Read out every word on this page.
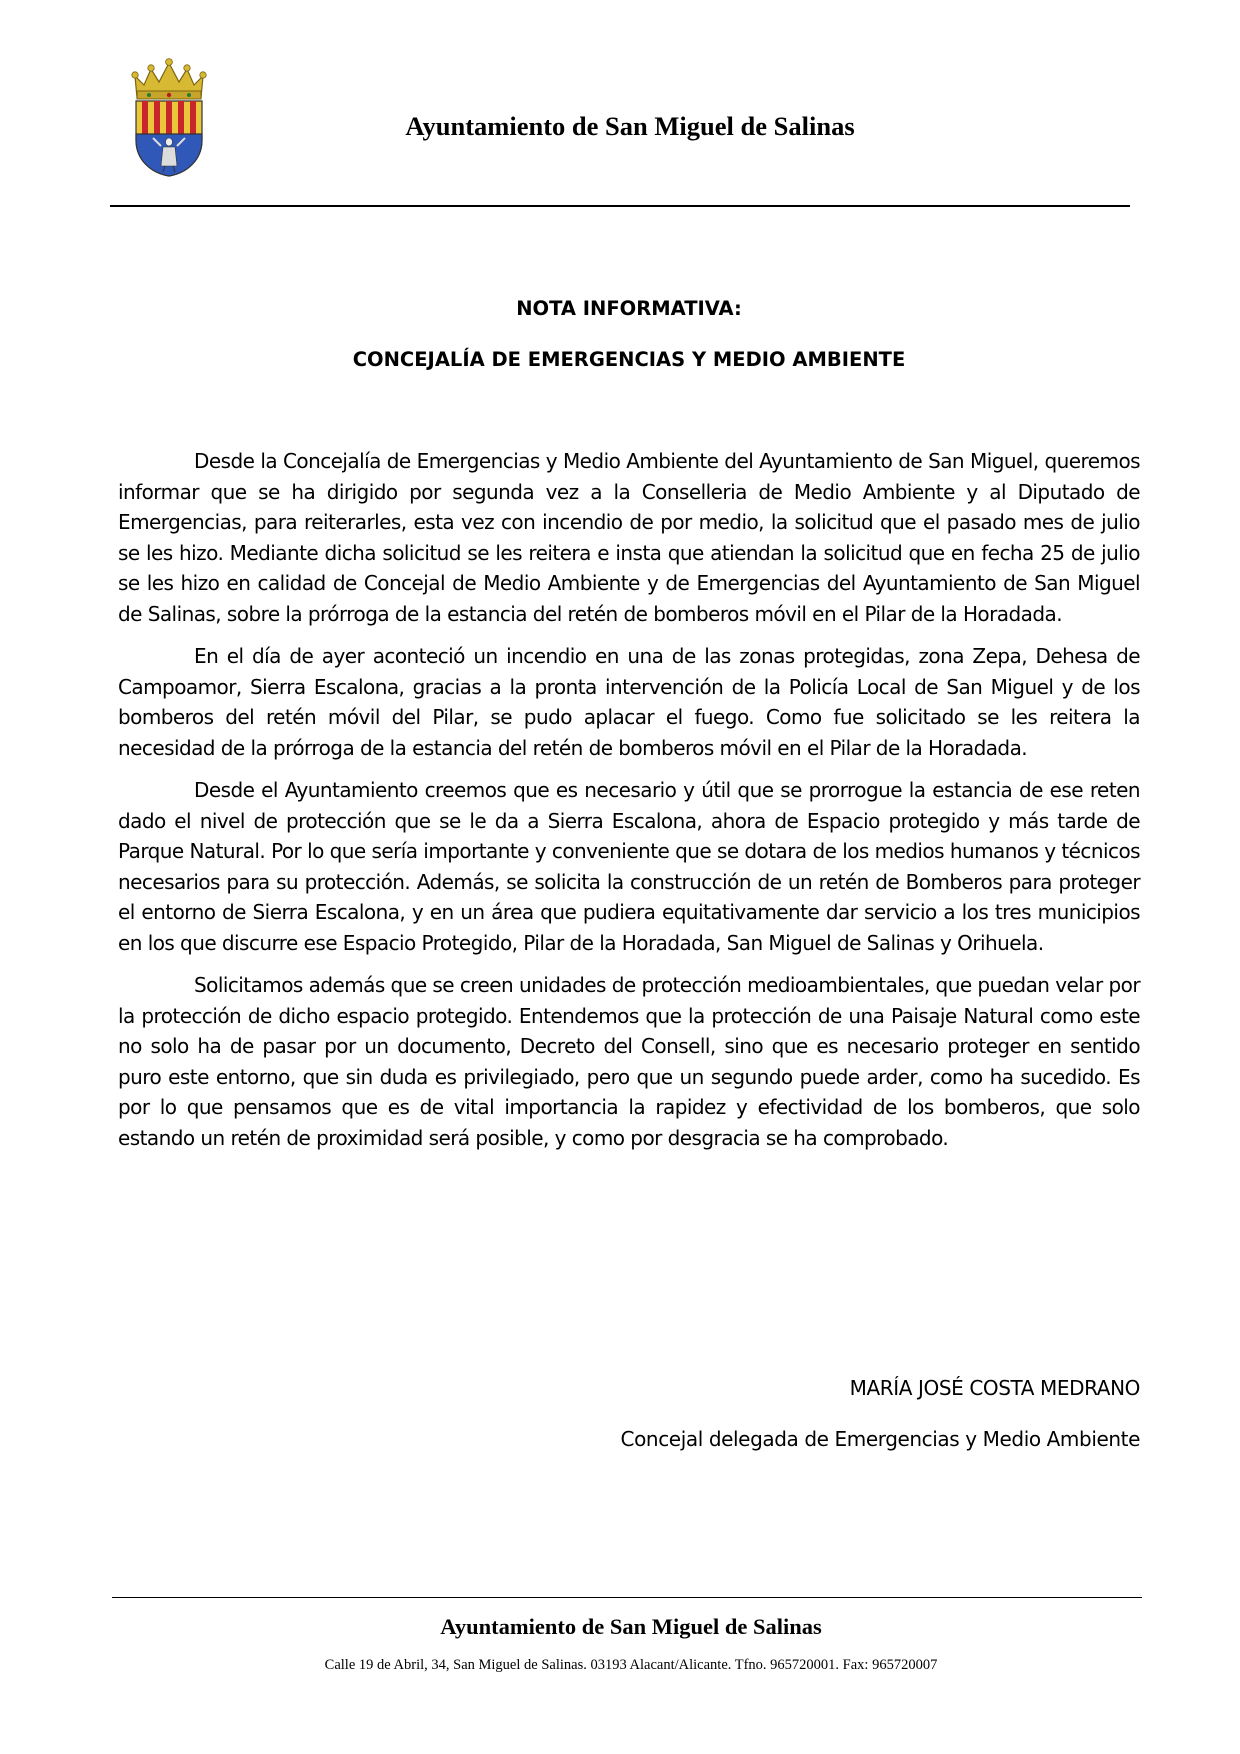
Ayuntamiento de San Miguel de Salinas
NOTA INFORMATIVA:
CONCEJALÍA DE EMERGENCIAS Y MEDIO AMBIENTE

Desde la Concejalía de Emergencias y Medio Ambiente del Ayuntamiento de San Miguel, queremos informar que se ha dirigido por segunda vez a la Conselleria de Medio Ambiente y al Diputado de Emergencias, para reiterarles, esta vez con incendio de por medio, la solicitud que el pasado mes de julio se les hizo. Mediante dicha solicitud se les reitera e insta que atiendan la solicitud que en fecha 25 de julio se les hizo en calidad de Concejal de Medio Ambiente y de Emergencias del Ayuntamiento de San Miguel de Salinas, sobre la prórroga de la estancia del retén de bomberos móvil en el Pilar de la Horadada.

En el día de ayer aconteció un incendio en una de las zonas protegidas, zona Zepa, Dehesa de Campoamor, Sierra Escalona, gracias a la pronta intervención de la Policía Local de San Miguel y de los bomberos del retén móvil del Pilar, se pudo aplacar el fuego. Como fue solicitado se les reitera la necesidad de la prórroga de la estancia del retén de bomberos móvil en el Pilar de la Horadada.

Desde el Ayuntamiento creemos que es necesario y útil que se prorrogue la estancia de ese reten dado el nivel de protección que se le da a Sierra Escalona, ahora de Espacio protegido y más tarde de Parque Natural. Por lo que sería importante y conveniente que se dotara de los medios humanos y técnicos necesarios para su protección. Además, se solicita la construcción de un retén de Bomberos para proteger el entorno de Sierra Escalona, y en un área que pudiera equitativamente dar servicio a los tres municipios en los que discurre ese Espacio Protegido, Pilar de la Horadada, San Miguel de Salinas y Orihuela.

Solicitamos además que se creen unidades de protección medioambientales, que puedan velar por la protección de dicho espacio protegido. Entendemos que la protección de una Paisaje Natural como este no solo ha de pasar por un documento, Decreto del Consell, sino que es necesario proteger en sentido puro este entorno, que sin duda es privilegiado, pero que un segundo puede arder, como ha sucedido. Es por lo que pensamos que es de vital importancia la rapidez y efectividad de los bomberos, que solo estando un retén de proximidad será posible, y como por desgracia se ha comprobado.

MARÍA JOSÉ COSTA MEDRANO
Concejal delegada de Emergencias y Medio Ambiente
Ayuntamiento de San Miguel de Salinas
Calle 19 de Abril, 34, San Miguel de Salinas. 03193 Alacant/Alicante. Tfno. 965720001. Fax: 965720007
